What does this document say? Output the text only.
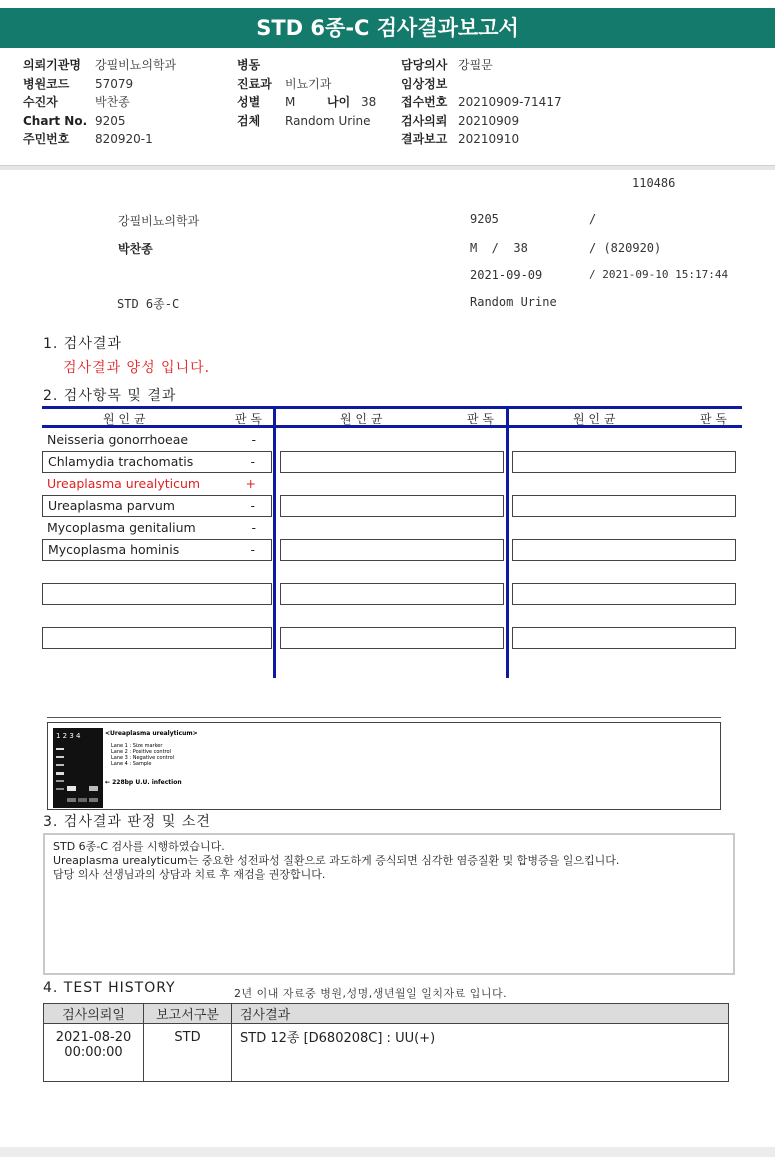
STD 6종-C 검사결과보고서
의뢰기관명	강필비뇨의학과
병원코드	57079
수진자	박찬종
Chart No. 9205
주민번호	820920-1
병동
진료과	비뇨기과
성별	M	나이 38
검체	Random Urine
담당의사 강필문
임상정보
접수번호 20210909-71417
검사의뢰 20210909
결과보고 20210910
110486
강필비뇨의학과	9205	/
박찬종	M  /  38	/ (820920)
2021-09-09	/ 2021-09-10 15:17:44
STD 6종-C	Random Urine
1. 검사결과
검사결과 양성 입니다.
2. 검사항목 및 결과
원 인 균	판 독	원 인 균	판 독	원 인 균	판 독
Neisseria gonorrhoeae	-
Chlamydia trachomatis	-
Ureaplasma urealyticum	+
Ureaplasma parvum	-
Mycoplasma genitalium	-
Mycoplasma hominis	-
1 2 3 4	<Ureaplasma urealyticum>
Lane 1 : Size marker
Lane 2 : Positive control
Lane 3 : Negative control
Lane 4 : Sample
← 228bp U.U. infection
3. 검사결과 판정 및 소견
STD 6종-C 검사를 시행하였습니다.
Ureaplasma urealyticum는 중요한 성전파성 질환으로 과도하게 증식되면 심각한 염증질환 및 합병증을 일으킵니다.
담당 의사 선생님과의 상담과 치료 후 재검을 권장합니다.
4. TEST HISTORY	2년 이내 자료중 병원,성명,생년월일 일치자료 입니다.
검사의뢰일	보고서구분	검사결과

2021-08-20
00:00:00	STD	STD 12종 [D680208C] : UU(+)
